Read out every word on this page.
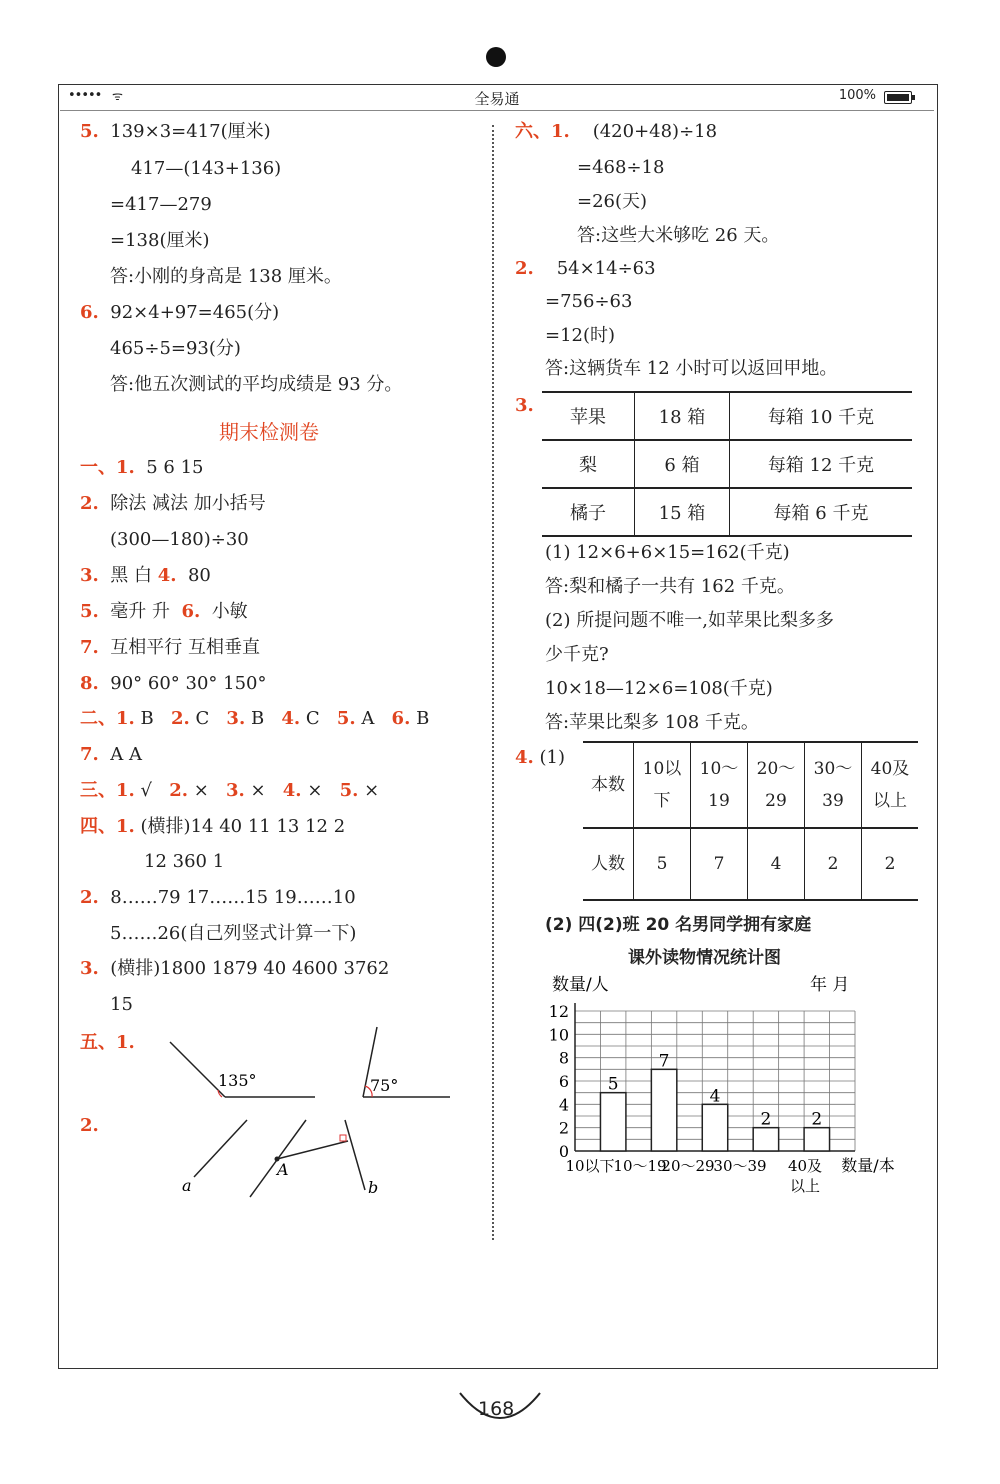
••••• ᯤ	全易通	100%
5. 139×3=417(厘米)
417—(143+136)
=417—279
=138(厘米)
答:小刚的身高是 138 厘米。
6. 92×4+97=465(分)
465÷5=93(分)
答:他五次测试的平均成绩是 93 分。
期末检测卷
一、1. 5 6 15
2. 除法 减法 加小括号
(300—180)÷30
3. 黑 白 4. 80
5. 毫升 升 6. 小敏
7. 互相平行 互相垂直
8. 90° 60° 30° 150°
二、1. B 2. C 3. B 4. C 5. A 6. B
7. A A
三、1. √ 2. × 3. × 4. × 5. ×
四、1. (横排)14 40 11 13 12 2
12 360 1
2. 8……79 17……15 19……10
5……26(自己列竖式计算一下)
3. (横排)1800 1879 40 4600 3762
15
五、1.
2.
135°	75°
a
A
b
六、1. (420+48)÷18
=468÷18
=26(天)
答:这些大米够吃 26 天。
2. 54×14÷63
=756÷63
=12(时)
答:这辆货车 12 小时可以返回甲地。
3.
苹果	18 箱	每箱 10 千克
梨	6 箱	每箱 12 千克
橘子	15 箱	每箱 6 千克
(1) 12×6+6×15=162(千克)
答:梨和橘子一共有 162 千克。
(2) 所提问题不唯一,如苹果比梨多多
少千克?
10×18—12×6=108(千克)
答:苹果比梨多 108 千克。
4. (1)
本数	10以下	10～19	20～29	30～39	40及以上
人数	5	7	4	2	2
(2) 四(2)班 20 名男同学拥有家庭
课外读物情况统计图
0
2
4
6
8
10
12
数量/人	年 月
5
7
4
2 2
10以下
10～19
20～29
30～39 40及
以上
数量/本
168
